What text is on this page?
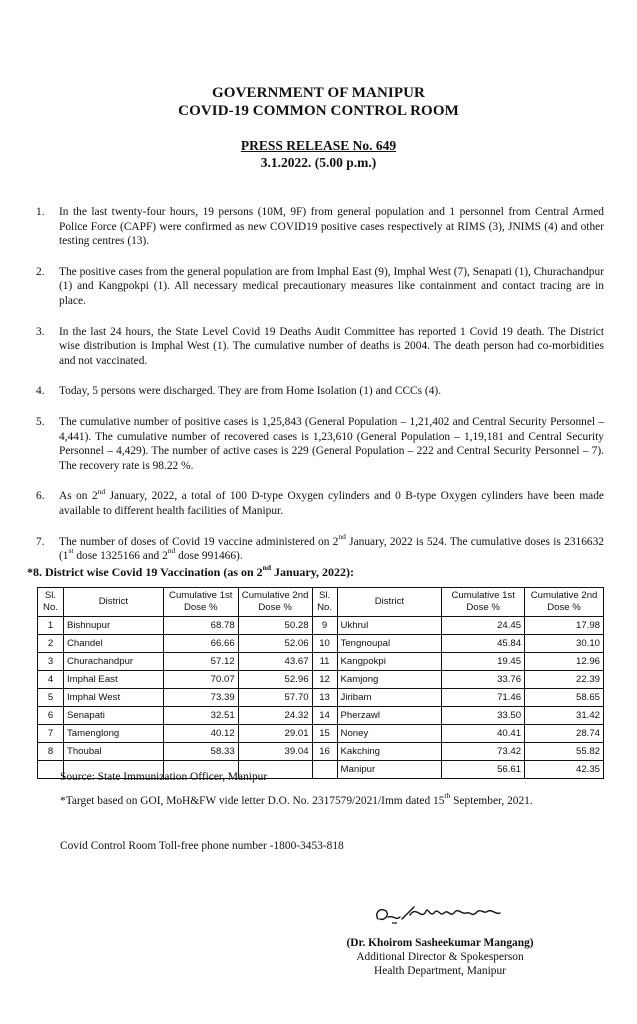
GOVERNMENT OF MANIPUR
COVID-19 COMMON CONTROL ROOM
PRESS RELEASE No. 649
3.1.2022. (5.00 p.m.)
1. In the last twenty-four hours, 19 persons (10M, 9F) from general population and 1 personnel from Central Armed Police Force (CAPF) were confirmed as new COVID19 positive cases respectively at RIMS (3), JNIMS (4) and other testing centres (13).
2. The positive cases from the general population are from Imphal East (9), Imphal West (7), Senapati (1), Churachandpur (1) and Kangpokpi (1). All necessary medical precautionary measures like containment and contact tracing are in place.
3. In the last 24 hours, the State Level Covid 19 Deaths Audit Committee has reported 1 Covid 19 death. The District wise distribution is Imphal West (1). The cumulative number of deaths is 2004. The death person had co-morbidities and not vaccinated.
4. Today, 5 persons were discharged. They are from Home Isolation (1) and CCCs (4).
5. The cumulative number of positive cases is 1,25,843 (General Population – 1,21,402 and Central Security Personnel – 4,441). The cumulative number of recovered cases is 1,23,610 (General Population – 1,19,181 and Central Security Personnel – 4,429). The number of active cases is 229 (General Population – 222 and Central Security Personnel – 7). The recovery rate is 98.22 %.
6. As on 2nd January, 2022, a total of 100 D-type Oxygen cylinders and 0 B-type Oxygen cylinders have been made available to different health facilities of Manipur.
7. The number of doses of Covid 19 vaccine administered on 2nd January, 2022 is 524. The cumulative doses is 2316632 (1st dose 1325166 and 2nd dose 991466).
*8. District wise Covid 19 Vaccination (as on 2nd January, 2022):
Sl. No.	District	Cumulative 1st Dose %	Cumulative 2nd Dose %	Sl. No.	District	Cumulative 1st Dose %	Cumulative 2nd Dose %
1	Bishnupur	68.78	50.28	9	Ukhrul	24.45	17.98
2	Chandel	66.66	52.06	10	Tengnoupal	45.84	30.10
3	Churachandpur	57.12	43.67	11	Kangpokpi	19.45	12.96
4	Imphal East	70.07	52.96	12	Kamjong	33.76	22.39
5	Imphal West	73.39	57.70	13	Jiribam	71.46	58.65
6	Senapati	32.51	24.32	14	Pherzawl	33.50	31.42
7	Tamenglong	40.12	29.01	15	Noney	40.41	28.74
8	Thoubal	58.33	39.04	16	Kakching	73.42	55.82
					Manipur	56.61	42.35
Source: State Immunization Officer, Manipur
*Target based on GOI, MoH&FW vide letter D.O. No. 2317579/2021/Imm dated 15th September, 2021.
Covid Control Room Toll-free phone number -1800-3453-818
(Dr. Khoirom Sasheekumar Mangang)
Additional Director & Spokesperson
Health Department, Manipur
